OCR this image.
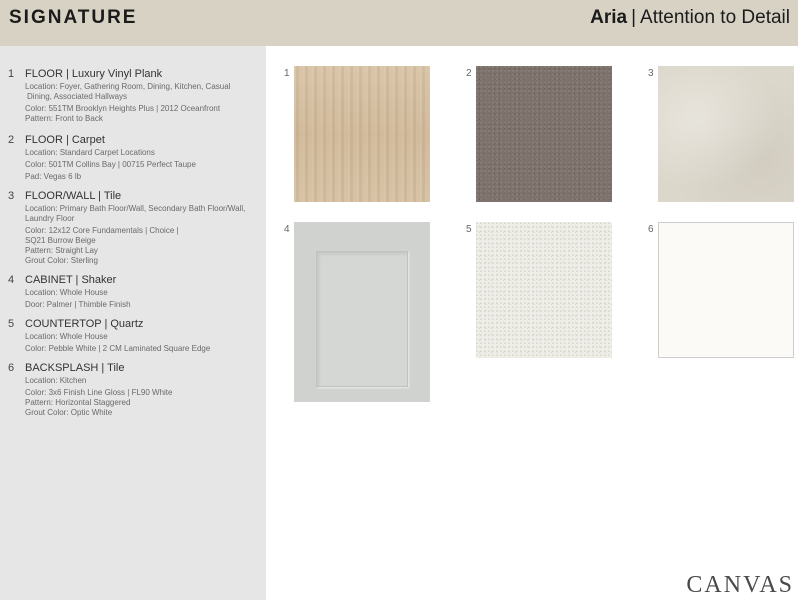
SIGNATURE	Aria | Attention to Detail
1 FLOOR | Luxury Vinyl Plank
Location: Foyer, Gathering Room, Dining, Kitchen, Casual
Dining, Associated Hallways
Color: 551TM Brooklyn Heights Plus | 2012 Oceanfront
Pattern: Front to Back
2 FLOOR | Carpet
Location: Standard Carpet Locations
Color: 501TM Collins Bay | 00715 Perfect Taupe
Pad: Vegas 6 lb
3 FLOOR/WALL | Tile
Location: Primary Bath Floor/Wall, Secondary Bath Floor/Wall,
Laundry Floor
Color: 12x12 Core Fundamentals | Choice |
SQ21 Burrow Beige
Pattern: Straight Lay
Grout Color: Sterling
4 CABINET | Shaker
Location: Whole House
Door: Palmer | Thimble Finish
5 COUNTERTOP | Quartz
Location: Whole House
Color: Pebble White | 2 CM Laminated Square Edge
6 BACKSPLASH | Tile
Location: Kitchen
Color: 3x6 Finish Line Gloss | FL90 White
Pattern: Horizontal Staggered
Grout Color: Optic White
1	2	3
4	5	6
CANVAS
